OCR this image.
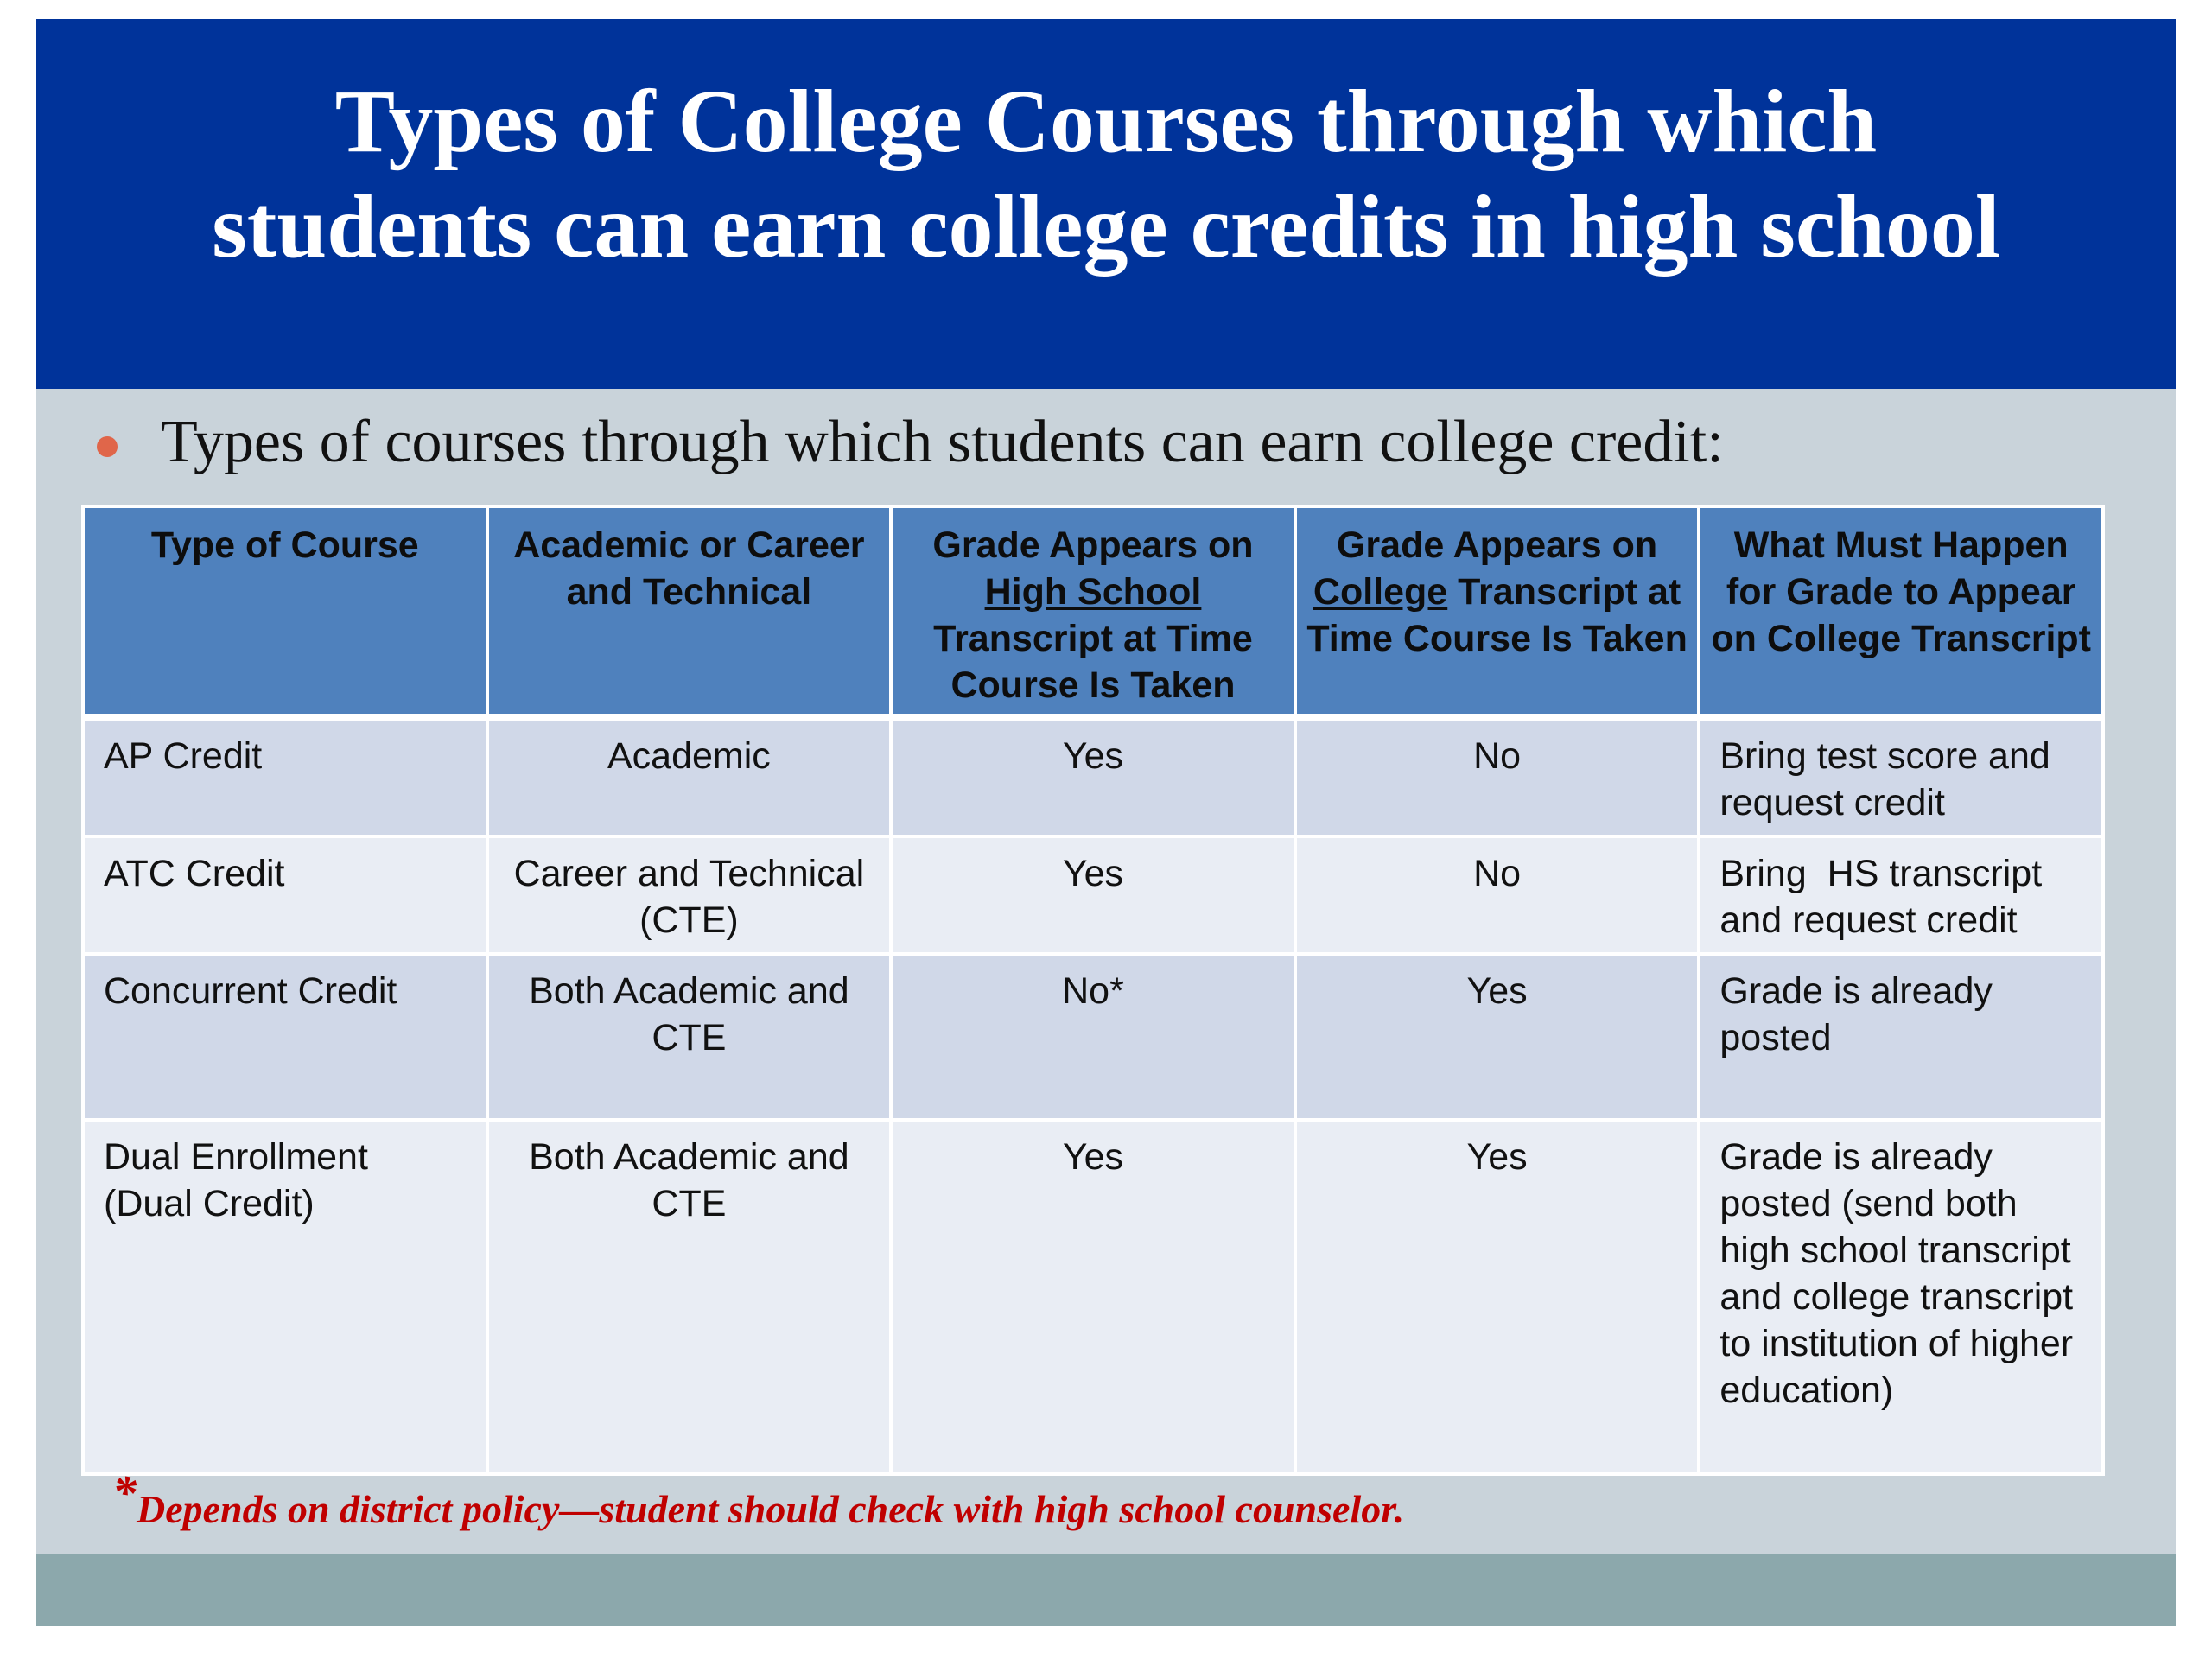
Types of College Courses through which
students can earn college credits in high school
Types of courses through which students can earn college credit:
Type of Course	Academic or Career and Technical	Grade Appears on High School Transcript at Time Course Is Taken	Grade Appears on College Transcript at Time Course Is Taken	What Must Happen for Grade to Appear on College Transcript
AP Credit	Academic	Yes	No	Bring test score and request credit
ATC Credit	Career and Technical (CTE)	Yes	No	Bring  HS transcript and request credit
Concurrent Credit	Both Academic and CTE	No*	Yes	Grade is already posted
Dual Enrollment (Dual Credit)	Both Academic and CTE	Yes	Yes	Grade is already posted (send both high school transcript and college transcript to institution of higher education)
*Depends on district policy—student should check with high school counselor.
